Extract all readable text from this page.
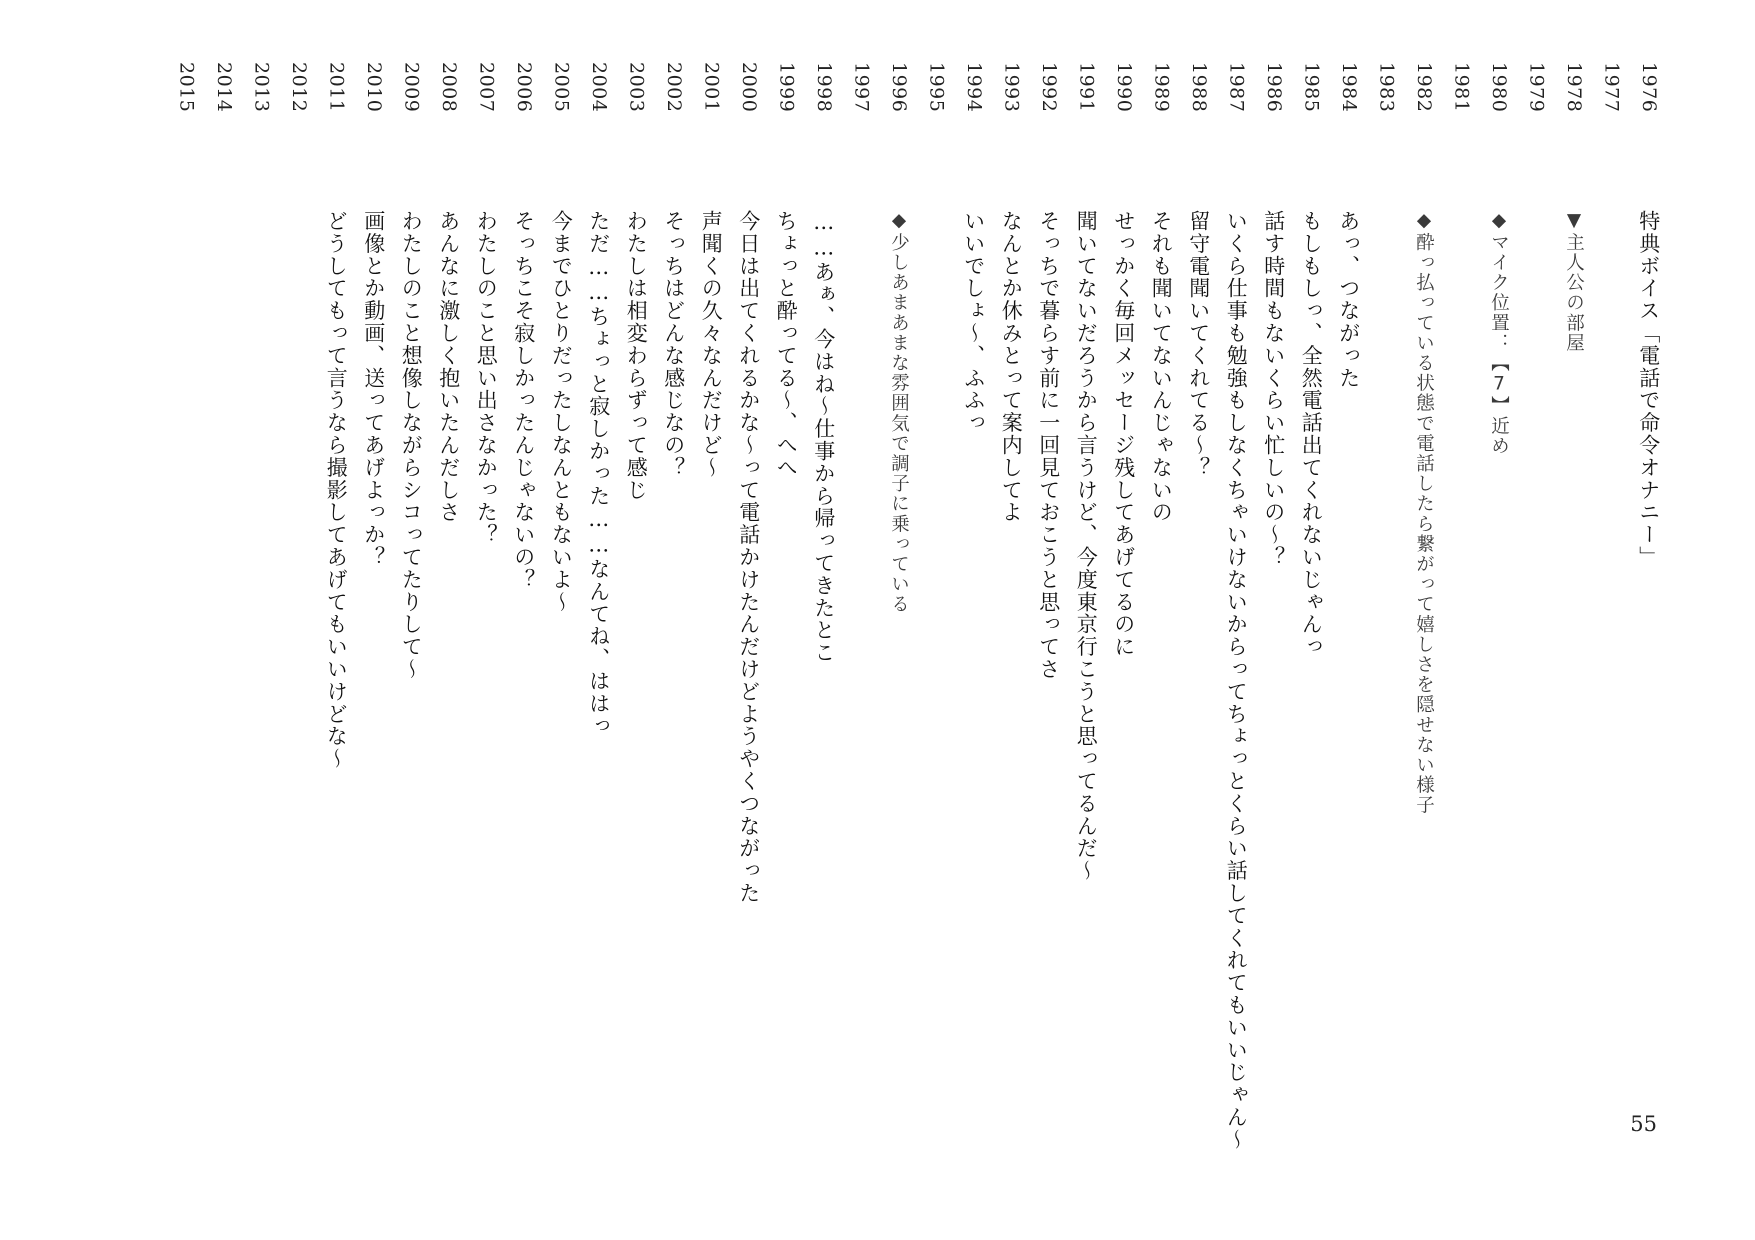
1976
特典ボイス「電話で命令オナニー」
1977
1978
▼主人公の部屋
1979
1980
◆マイク位置：【7】近め
1981
1982
◆酔っ払っている状態で電話したら繋がって嬉しさを隠せない様子
1983
1984
あっ、つながった
1985
もしもしっ、全然電話出てくれないじゃんっ
1986
話す時間もないくらい忙しいの～？
1987
いくら仕事も勉強もしなくちゃいけないからってちょっとくらい話してくれてもいいじゃん～
1988
留守電聞いてくれてる～？
1989
それも聞いてないんじゃないの
1990
せっかく毎回メッセージ残してあげてるのに
1991
聞いてないだろうから言うけど、今度東京行こうと思ってるんだ～
1992
そっちで暮らす前に一回見ておこうと思ってさ
1993
なんとか休みとって案内してよ
1994
いいでしょ～、ふふっ
1995
1996
◆少しあまあまな雰囲気で調子に乗っている
1997
1998
……あぁ、今はね～仕事から帰ってきたとこ
1999
ちょっと酔ってる～、へへ
2000
今日は出てくれるかな～って電話かけたんだけどようやくつながった
2001
声聞くの久々なんだけど～
2002
そっちはどんな感じなの？
2003
わたしは相変わらずって感じ
2004
ただ……ちょっと寂しかった……なんてね、ははっ
2005
今までひとりだったしなんともないよ～
2006
そっちこそ寂しかったんじゃないの？
2007
わたしのこと思い出さなかった？
2008
あんなに激しく抱いたんだしさ
2009
わたしのこと想像しながらシコってたりして～
2010
画像とか動画、送ってあげよっか？
2011
どうしてもって言うなら撮影してあげてもいいけどな～
2012
2013
2014
2015
55
